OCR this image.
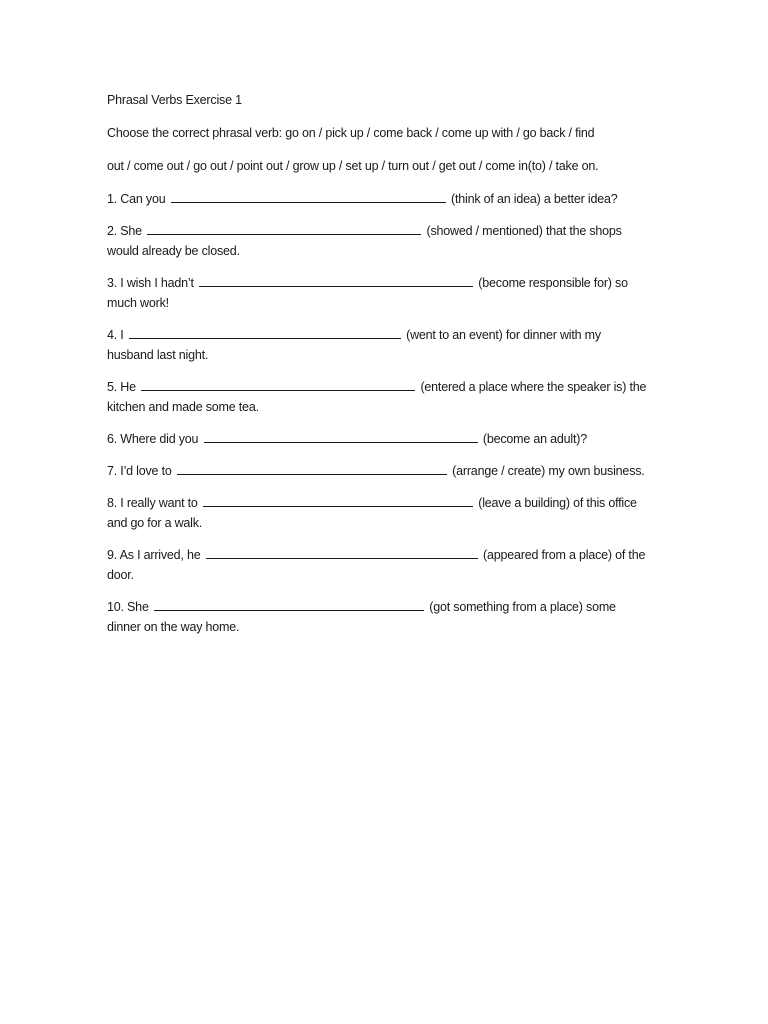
Phrasal Verbs Exercise 1
Choose the correct phrasal verb: go on / pick up / come back / come up with / go back / find
out / come out / go out / point out / grow up / set up / turn out / get out / come in(to) / take on.
1. Can you	(think of an idea) a better idea?
2. She	(showed / mentioned) that the shops
would already be closed.
3. I wish I hadn’t	(become responsible for) so
much work!
4. I	(went to an event) for dinner with my
husband last night.
5. He	(entered a place where the speaker is) the
kitchen and made some tea.
6. Where did you	(become an adult)?
7. I’d love to	(arrange / create) my own business.
8. I really want to	(leave a building) of this office
and go for a walk.
9. As I arrived, he	(appeared from a place) of the
door.
10. She	(got something from a place) some
dinner on the way home.
